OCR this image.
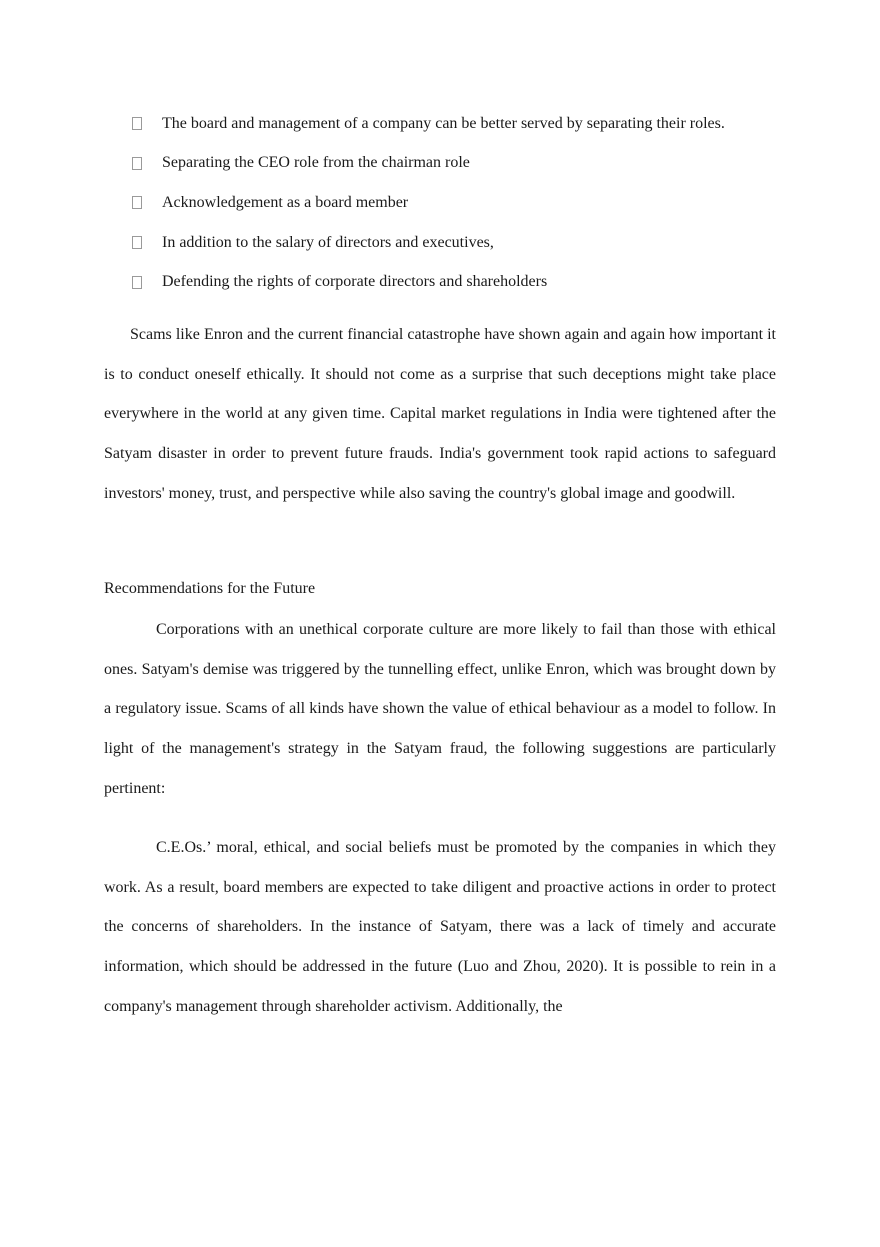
The board and management of a company can be better served by separating their roles.
Separating the CEO role from the chairman role
Acknowledgement as a board member
In addition to the salary of directors and executives,
Defending the rights of corporate directors and shareholders

Scams like Enron and the current financial catastrophe have shown again and again how important it is to conduct oneself ethically. It should not come as a surprise that such deceptions might take place everywhere in the world at any given time. Capital market regulations in India were tightened after the Satyam disaster in order to prevent future frauds. India's government took rapid actions to safeguard investors' money, trust, and perspective while also saving the country's global image and goodwill.

Recommendations for the Future

Corporations with an unethical corporate culture are more likely to fail than those with ethical ones. Satyam's demise was triggered by the tunnelling effect, unlike Enron, which was brought down by a regulatory issue. Scams of all kinds have shown the value of ethical behaviour as a model to follow. In light of the management's strategy in the Satyam fraud, the following suggestions are particularly pertinent:

C.E.Os.’ moral, ethical, and social beliefs must be promoted by the companies in which they work. As a result, board members are expected to take diligent and proactive actions in order to protect the concerns of shareholders. In the instance of Satyam, there was a lack of timely and accurate information, which should be addressed in the future (Luo and Zhou, 2020). It is possible to rein in a company's management through shareholder activism. Additionally, the
